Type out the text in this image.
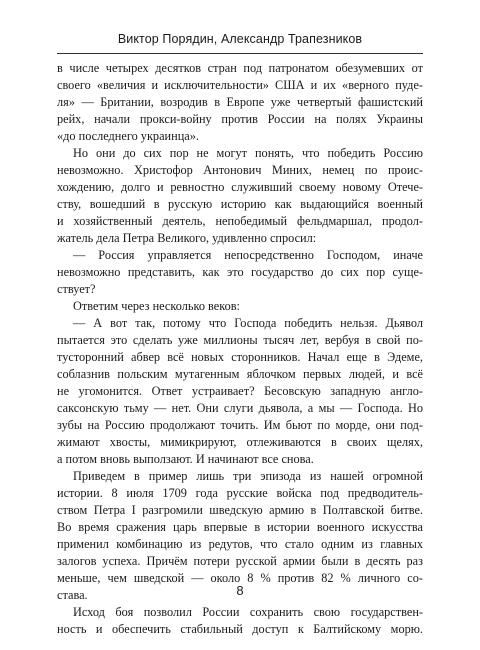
Виктор Порядин, Александр Трапезников
в числе четырех десятков стран под патронатом обезумевших от
своего «величия и исключительности» США и их «верного пуде-
ля» — Британии, возродив в Европе уже четвертый фашистский
рейх, начали прокси-войну против России на полях Украины
«до последнего украинца».
Но они до сих пор не могут понять, что победить Россию
невозможно. Христофор Антонович Миних, немец по проис-
хождению, долго и ревностно служивший своему новому Отече-
ству, вошедший в русскую историю как выдающийся военный
и хозяйственный деятель, непобедимый фельдмаршал, продол-
жатель дела Петра Великого, удивленно спросил:
— Россия управляется непосредственно Господом, иначе
невозможно представить, как это государство до сих пор суще-
ствует?
Ответим через несколько веков:
— А вот так, потому что Господа победить нельзя. Дьявол
пытается это сделать уже миллионы тысяч лет, вербуя в свой по-
тусторонний абвер всё новых сторонников. Начал еще в Эдеме,
соблазнив польским мутагенным яблочком первых людей, и всё
не угомонится. Ответ устраивает? Бесовскую западную англо-
саксонскую тьму — нет. Они слуги дьявола, а мы — Господа. Но
зубы на Россию продолжают точить. Им бьют по морде, они под-
жимают хвосты, мимикрируют, отлеживаются в своих щелях,
а потом вновь выползают. И начинают все снова.
Приведем в пример лишь три эпизода из нашей огромной
истории. 8 июля 1709 года русские войска под предводитель-
ством Петра I разгромили шведскую армию в Полтавской битве.
Во время сражения царь впервые в истории военного искусства
применил комбинацию из редутов, что стало одним из главных
залогов успеха. Причём потери русской армии были в десять раз
меньше, чем шведской — около 8 % против 82 % личного со-
става.
Исход боя позволил России сохранить свою государствен-
ность и обеспечить стабильный доступ к Балтийскому морю.
8
